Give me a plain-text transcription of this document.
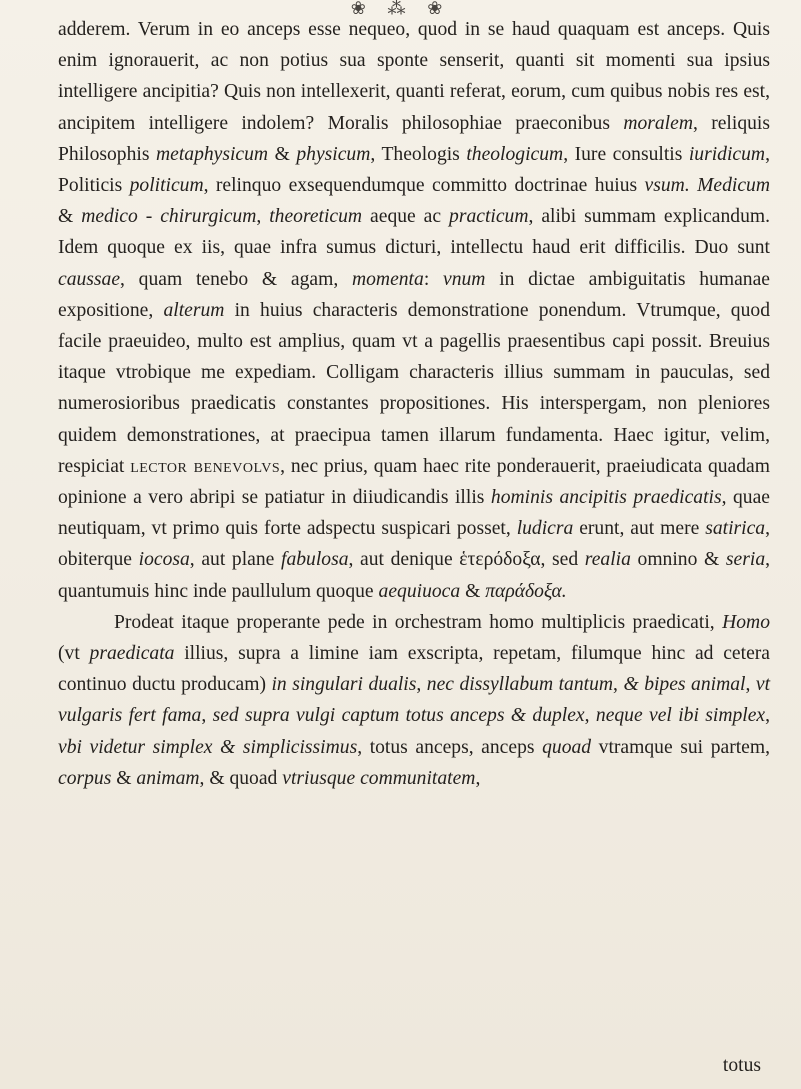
❀ ⁂ ❀

adderem. Verum in eo anceps esse nequeo, quod in se haud quaquam est anceps. Quis enim ignorauerit, ac non potius sua sponte senserit, quanti sit momenti sua ipsius intelligere ancipitia? Quis non intellexerit, quanti referat, eorum, cum quibus nobis res est, ancipitem intelligere indolem? Moralis philosophiae praeconibus moralem, reliquis Philosophis metaphysicum & physicum, Theologis theologicum, Iure consultis iuridicum, Politicis politicum, relinquo exsequendumque committo doctrinae huius vsum. Medicum & medico - chirurgicum, theoreticum aeque ac practicum, alibi summam explicandum. Idem quoque ex iis, quae infra sumus dicturi, intellectu haud erit difficilis. Duo sunt caussae, quam tenebo & agam, momenta: vnum in dictae ambiguitatis humanae expositione, alterum in huius characteris demonstratione ponendum. Vtrumque, quod facile praeuideo, multo est amplius, quam vt a pagellis praesentibus capi possit. Breuius itaque vtrobique me expediam. Colligam characteris illius summam in pauculas, sed numerosioribus praedicatis constantes propositiones. His interspergam, non pleniores quidem demonstrationes, at praecipua tamen illarum fundamenta. Haec igitur, velim, respiciat lector benevolvs, nec prius, quam haec rite ponderauerit, praeiudicata quadam opinione a vero abripi se patiatur in diiudicandis illis hominis ancipitis praedicatis, quae neutiquam, vt primo quis forte adspectu suspicari posset, ludicra erunt, aut mere satirica, obiterque iocosa, aut plane fabulosa, aut denique ἑτερόδοξα, sed realia omnino & seria, quantumuis hinc inde paullulum quoque aequiuoca & παράδοξα.

Prodeat itaque properante pede in orchestram homo multiplicis praedicati, Homo (vt praedicata illius, supra a limine iam exscripta, repetam, filumque hinc ad cetera continuo ductu producam) in singulari dualis, nec dissyllabum tantum, & bipes animal, vt vulgaris fert fama, sed supra vulgi captum totus anceps & duplex, neque vel ibi simplex, vbi videtur simplex & simplicissimus, totus anceps, anceps quoad vtramque sui partem, corpus & animam, & quoad vtriusque communitatem,

totus
